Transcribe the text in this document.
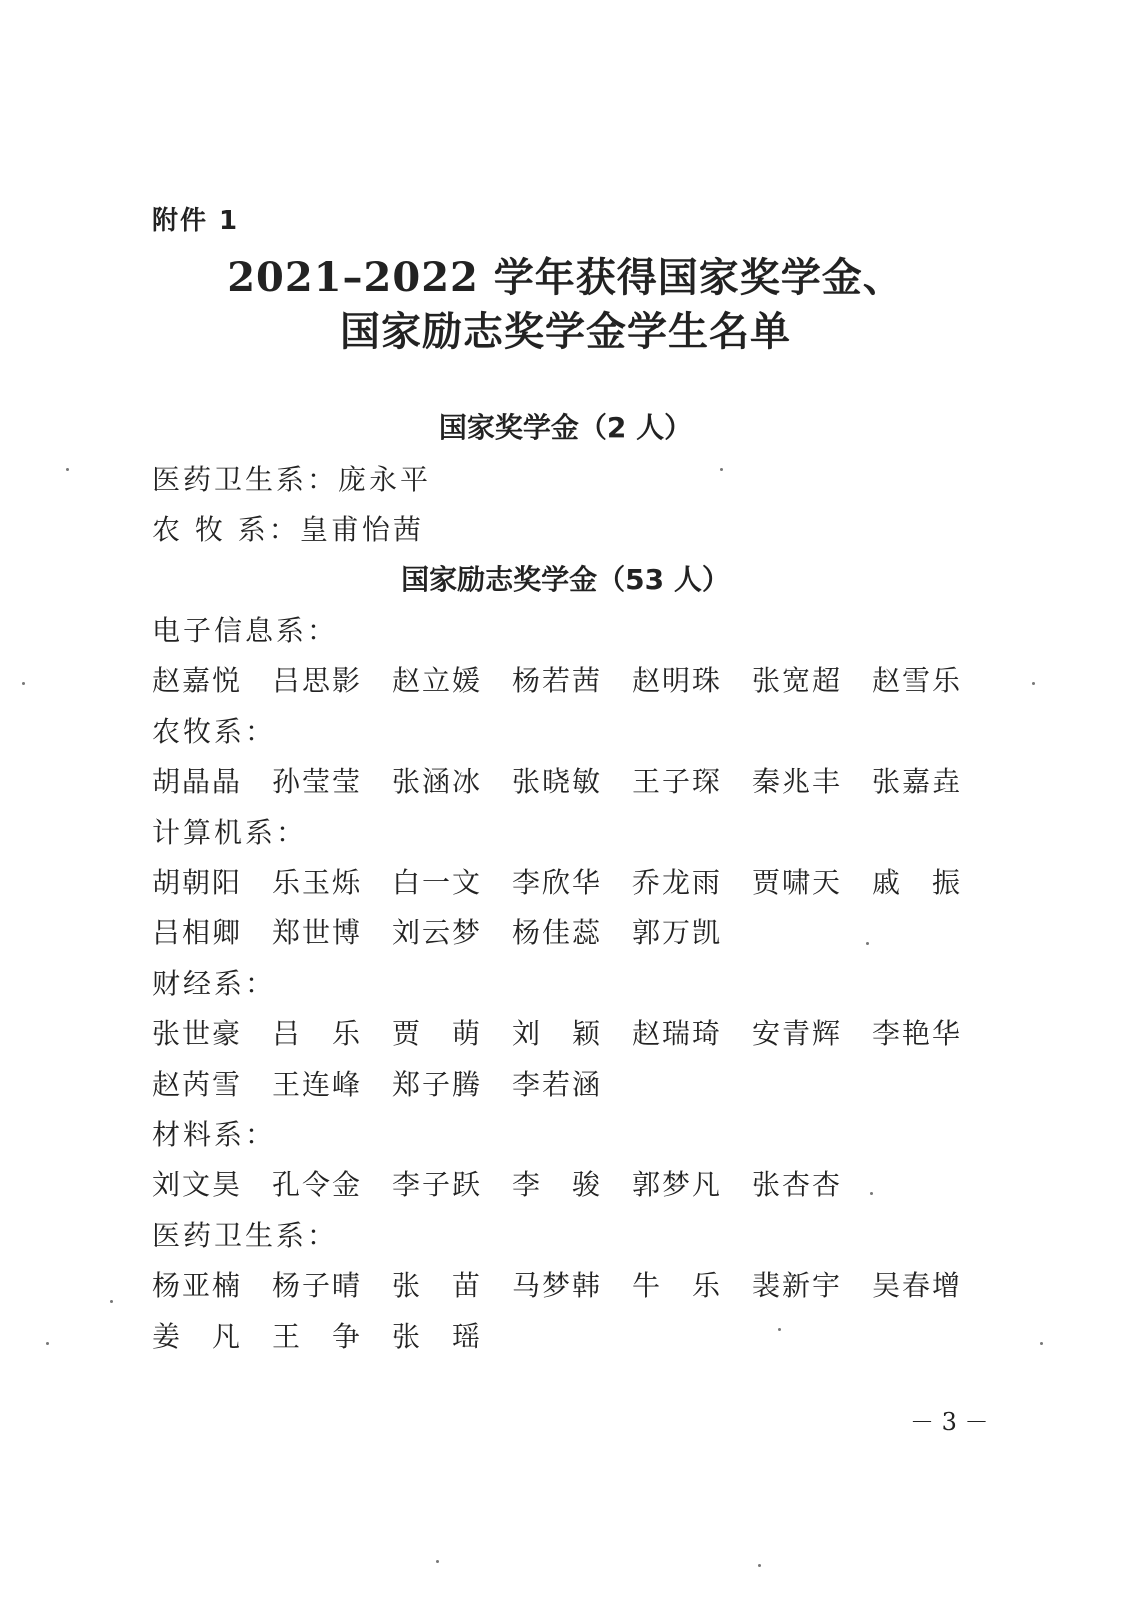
附件 1
2021–2022 学年获得国家奖学金、
国家励志奖学金学生名单
国家奖学金（2 人）
医药卫生系：庞永平
农 牧 系：皇甫怡茜
国家励志奖学金（53 人）
电子信息系：
赵嘉悦 吕思影 赵立媛 杨若茜 赵明珠 张宽超 赵雪乐
农牧系：
胡晶晶 孙莹莹 张涵冰 张晓敏 王子琛 秦兆丰 张嘉垚
计算机系：
胡朝阳 乐玉烁 白一文 李欣华 乔龙雨 贾啸天 戚 振
吕相卿 郑世博 刘云梦 杨佳蕊 郭万凯
财经系：
张世豪 吕 乐 贾 萌 刘 颖 赵瑞琦 安青辉 李艳华
赵芮雪 王连峰 郑子腾 李若涵
材料系：
刘文昊 孔令金 李子跃 李 骏 郭梦凡 张杏杏
医药卫生系：
杨亚楠 杨子晴 张 苗 马梦韩 牛 乐 裴新宇 吴春增
姜 凡 王 争 张 瑶
－ 3 －
